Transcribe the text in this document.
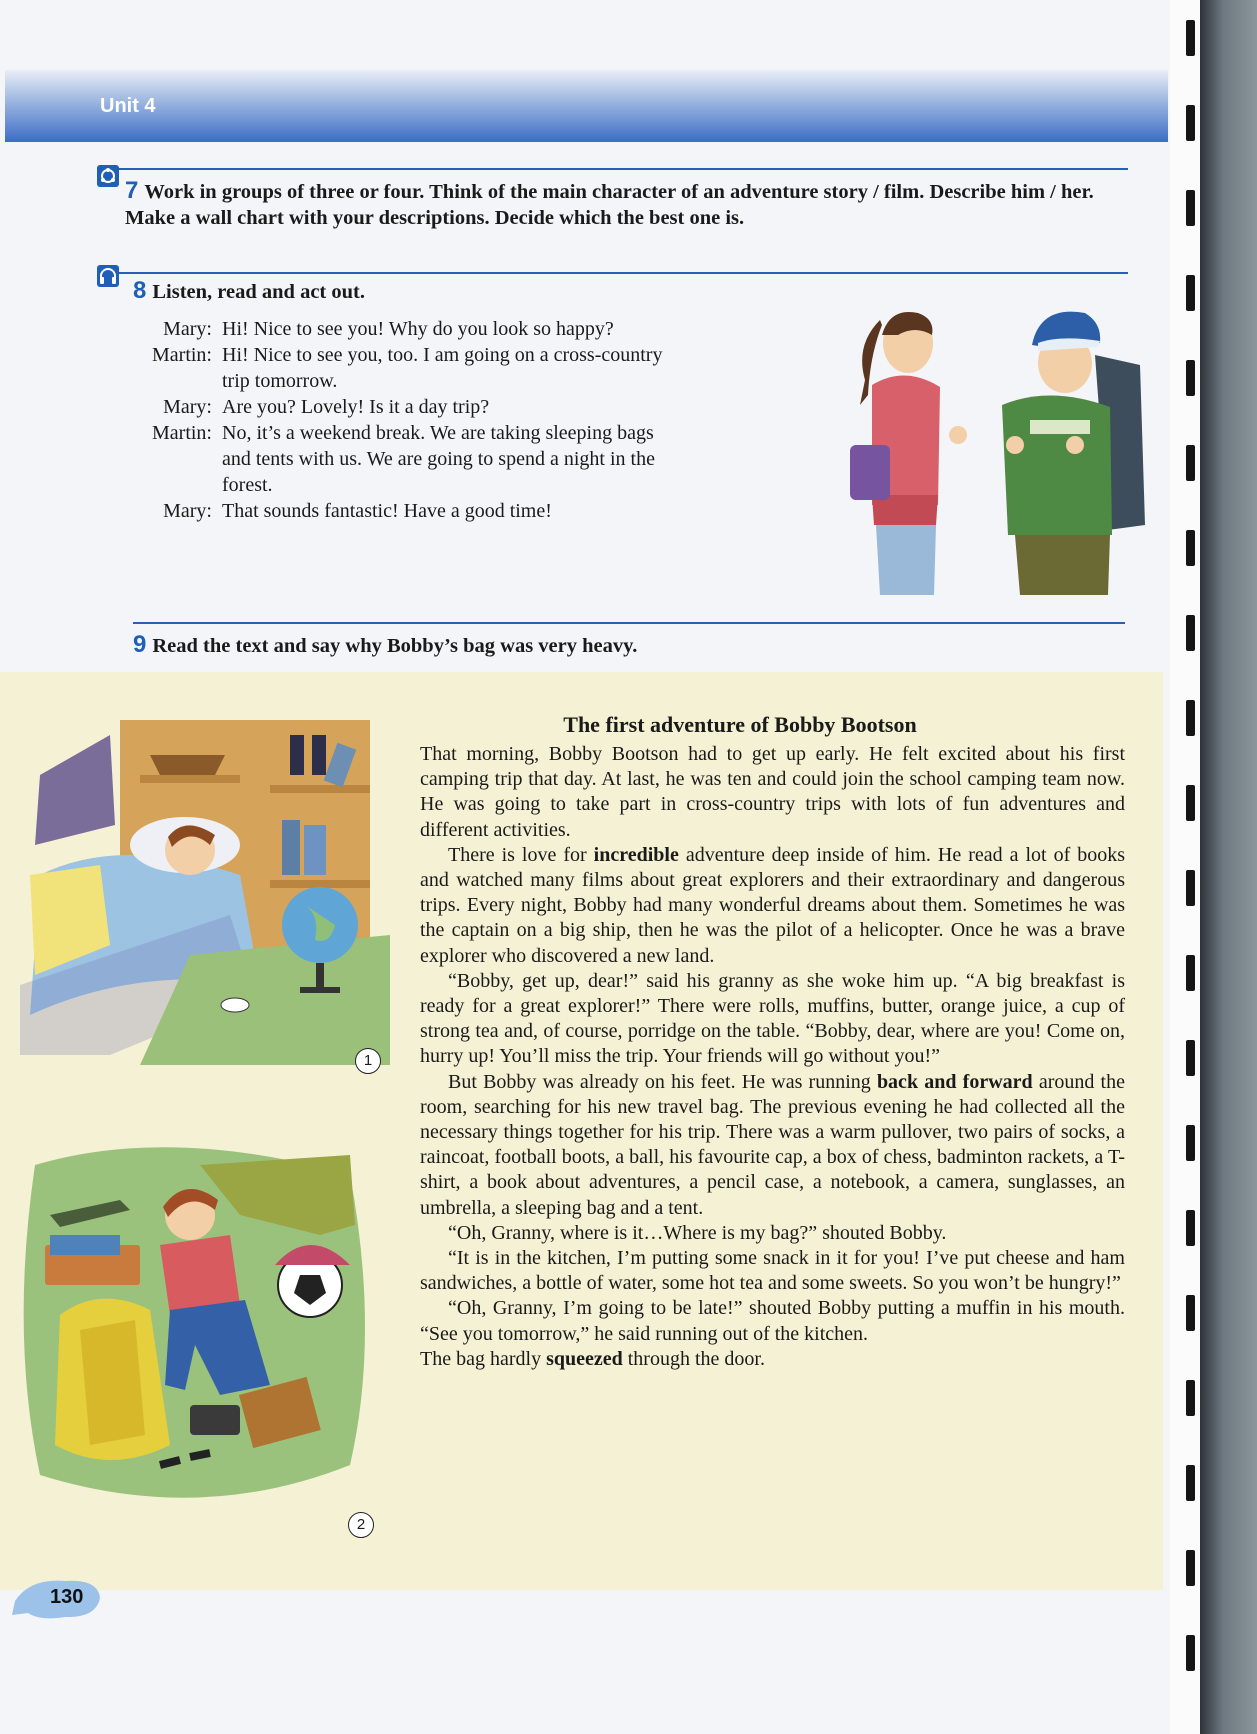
Unit 4
7 Work in groups of three or four. Think of the main character of an adventure story / film. Describe him / her. Make a wall chart with your descriptions. Decide which the best one is.
8 Listen, read and act out.
Mary: Hi! Nice to see you! Why do you look so happy?
Martin: Hi! Nice to see you, too. I am going on a cross-country
trip tomorrow.
Mary: Are you? Lovely! Is it a day trip?
Martin: No, it’s a weekend break. We are taking sleeping bags
and tents with us. We are going to spend a night in the
forest.
Mary: That sounds fantastic! Have a good time!
9 Read the text and say why Bobby’s bag was very heavy.
1
2
The first adventure of Bobby Bootson

That morning, Bobby Bootson had to get up early. He felt excited about his first camping trip that day. At last, he was ten and could join the school camping team now. He was going to take part in cross-country trips with lots of fun adventures and different activities.

There is love for incredible adventure deep inside of him. He read a lot of books and watched many films about great explorers and their extraordinary and dangerous trips. Every night, Bobby had many wonderful dreams about them. Sometimes he was the captain on a big ship, then he was the pilot of a helicopter. Once he was a brave explorer who discovered a new land.

“Bobby, get up, dear!” said his granny as she woke him up. “A big breakfast is ready for a great explorer!” There were rolls, muffins, butter, orange juice, a cup of strong tea and, of course, porridge on the table. “Bobby, dear, where are you! Come on, hurry up! You’ll miss the trip. Your friends will go without you!”

But Bobby was already on his feet. He was running back and forward around the room, searching for his new travel bag. The previous evening he had collected all the necessary things together for his trip. There was a warm pullover, two pairs of socks, a raincoat, football boots, a ball, his favourite cap, a box of chess, badminton rackets, a T-shirt, a book about adventures, a pencil case, a notebook, a camera, sunglasses, an umbrella, a sleeping bag and a tent.

“Oh, Granny, where is it…Where is my bag?” shouted Bobby.

“It is in the kitchen, I’m putting some snack in it for you! I’ve put cheese and ham sandwiches, a bottle of water, some hot tea and some sweets. So you won’t be hungry!”

“Oh, Granny, I’m going to be late!” shouted Bobby putting a muffin in his mouth. “See you tomorrow,” he said running out of the kitchen.

The bag hardly squeezed through the door.

130
